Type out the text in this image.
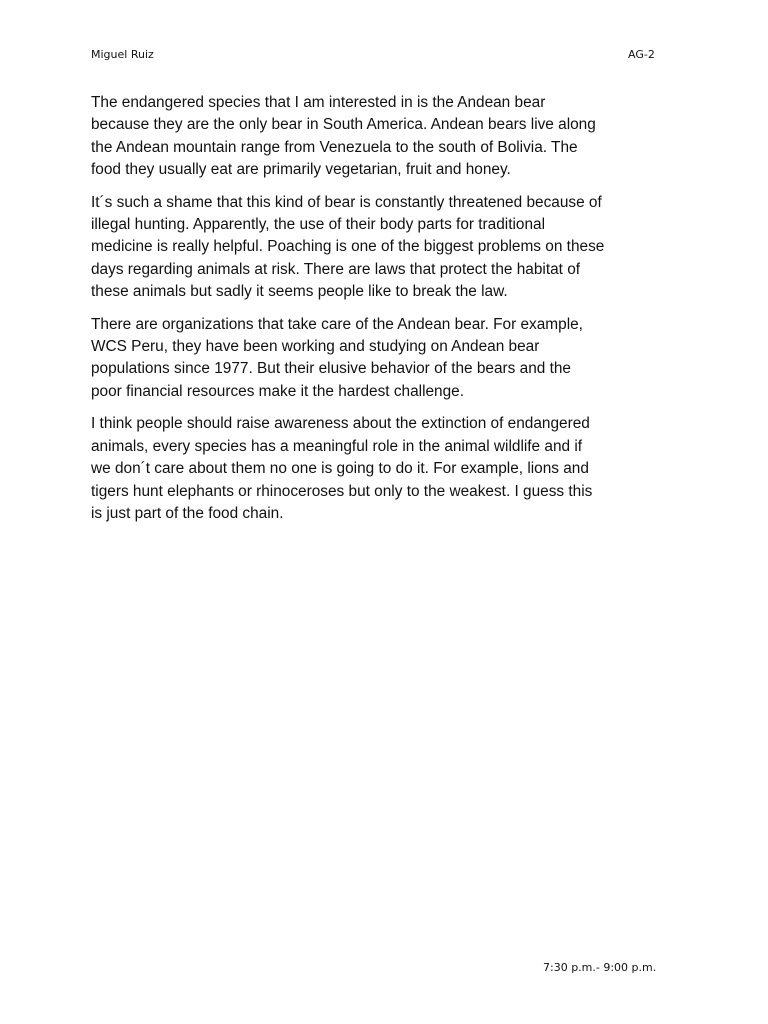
Miguel Ruiz	AG-2

The endangered species that I am interested in is the Andean bear
because they are the only bear in South America. Andean bears live along
the Andean mountain range from Venezuela to the south of Bolivia. The
food they usually eat are primarily vegetarian, fruit and honey.

It´s such a shame that this kind of bear is constantly threatened because of
illegal hunting. Apparently, the use of their body parts for traditional
medicine is really helpful. Poaching is one of the biggest problems on these
days regarding animals at risk. There are laws that protect the habitat of
these animals but sadly it seems people like to break the law.

There are organizations that take care of the Andean bear. For example,
WCS Peru, they have been working and studying on Andean bear
populations since 1977. But their elusive behavior of the bears and the
poor financial resources make it the hardest challenge.

I think people should raise awareness about the extinction of endangered
animals, every species has a meaningful role in the animal wildlife and if
we don´t care about them no one is going to do it. For example, lions and
tigers hunt elephants or rhinoceroses but only to the weakest. I guess this
is just part of the food chain.

7:30 p.m.- 9:00 p.m.
